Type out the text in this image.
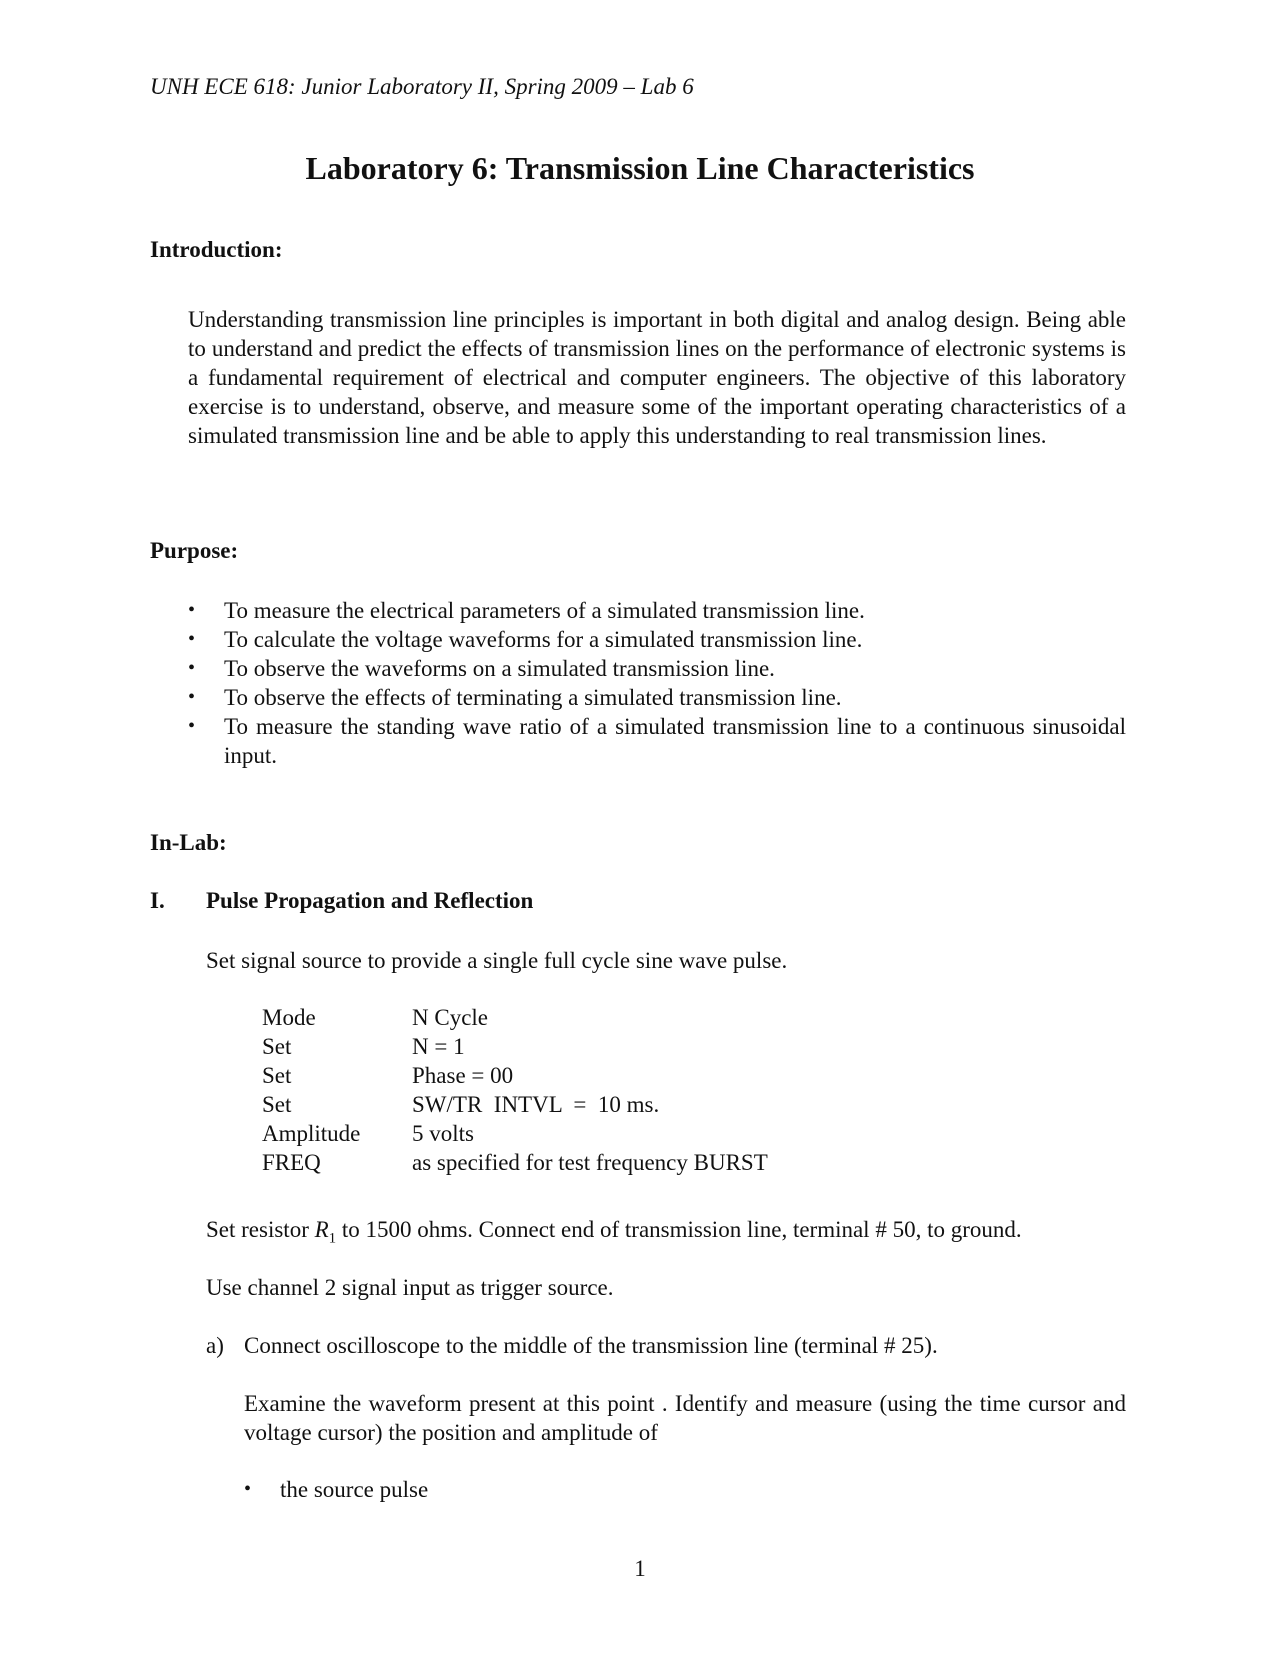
UNH ECE 618: Junior Laboratory II, Spring 2009 – Lab 6
Laboratory 6: Transmission Line Characteristics
Introduction:

Understanding transmission line principles is important in both digital and analog design. Being able to understand and predict the effects of transmission lines on the performance of electronic systems is a fundamental requirement of electrical and computer engineers. The objective of this laboratory exercise is to understand, observe, and measure some of the important operating characteristics of a simulated transmission line and be able to apply this understanding to real transmission lines.

Purpose:
•	To measure the electrical parameters of a simulated transmission line.
•	To calculate the voltage waveforms for a simulated transmission line.
•	To observe the waveforms on a simulated transmission line.
•	To observe the effects of terminating a simulated transmission line.
•	To measure the standing wave ratio of a simulated transmission line to a continuous sinusoidal input.
In-Lab:
I. Pulse Propagation and Reflection

Set signal source to provide a single full cycle sine wave pulse.

Mode	N Cycle
Set	N = 1
Set	Phase = 00
Set	SW/TR  INTVL  =  10 ms.
Amplitude	5 volts
FREQ	as specified for test frequency BURST

Set resistor $R_1$ to 1500 ohms. Connect end of transmission line, terminal # 50, to ground.

Use channel 2 signal input as trigger source.

a) Connect oscilloscope to the middle of the transmission line (terminal # 25).

Examine the waveform present at this point . Identify and measure (using the time cursor and voltage cursor) the position and amplitude of

• the source pulse
1
